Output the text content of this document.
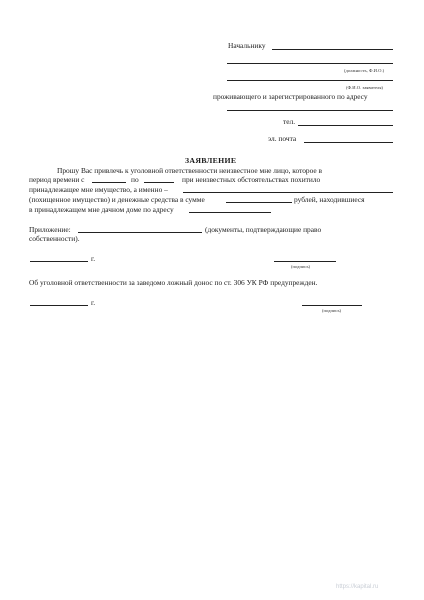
Начальнику
(должность, Ф.И.О.)
(Ф.И.О. заявителя)
проживающего и зарегистрированного по адресу
тел.
эл. почта
ЗАЯВЛЕНИЕ
Прошу Вас привлечь к уголовной ответственности неизвестное мне лицо, которое в
период времени с	по	при неизвестных обстоятельствах похитило
принадлежащее мне имущество, а именно –
(похищенное имущество) и денежные средства в сумме	рублей, находившиеся
в принадлежащем мне дачном доме по адресу
Приложение:	(документы, подтверждающие право
собственности).
г.
(подпись)
Об уголовной ответственности за заведомо ложный донос по ст. 306 УК РФ предупрежден.
г.
(подпись)
https://kapital.ru
